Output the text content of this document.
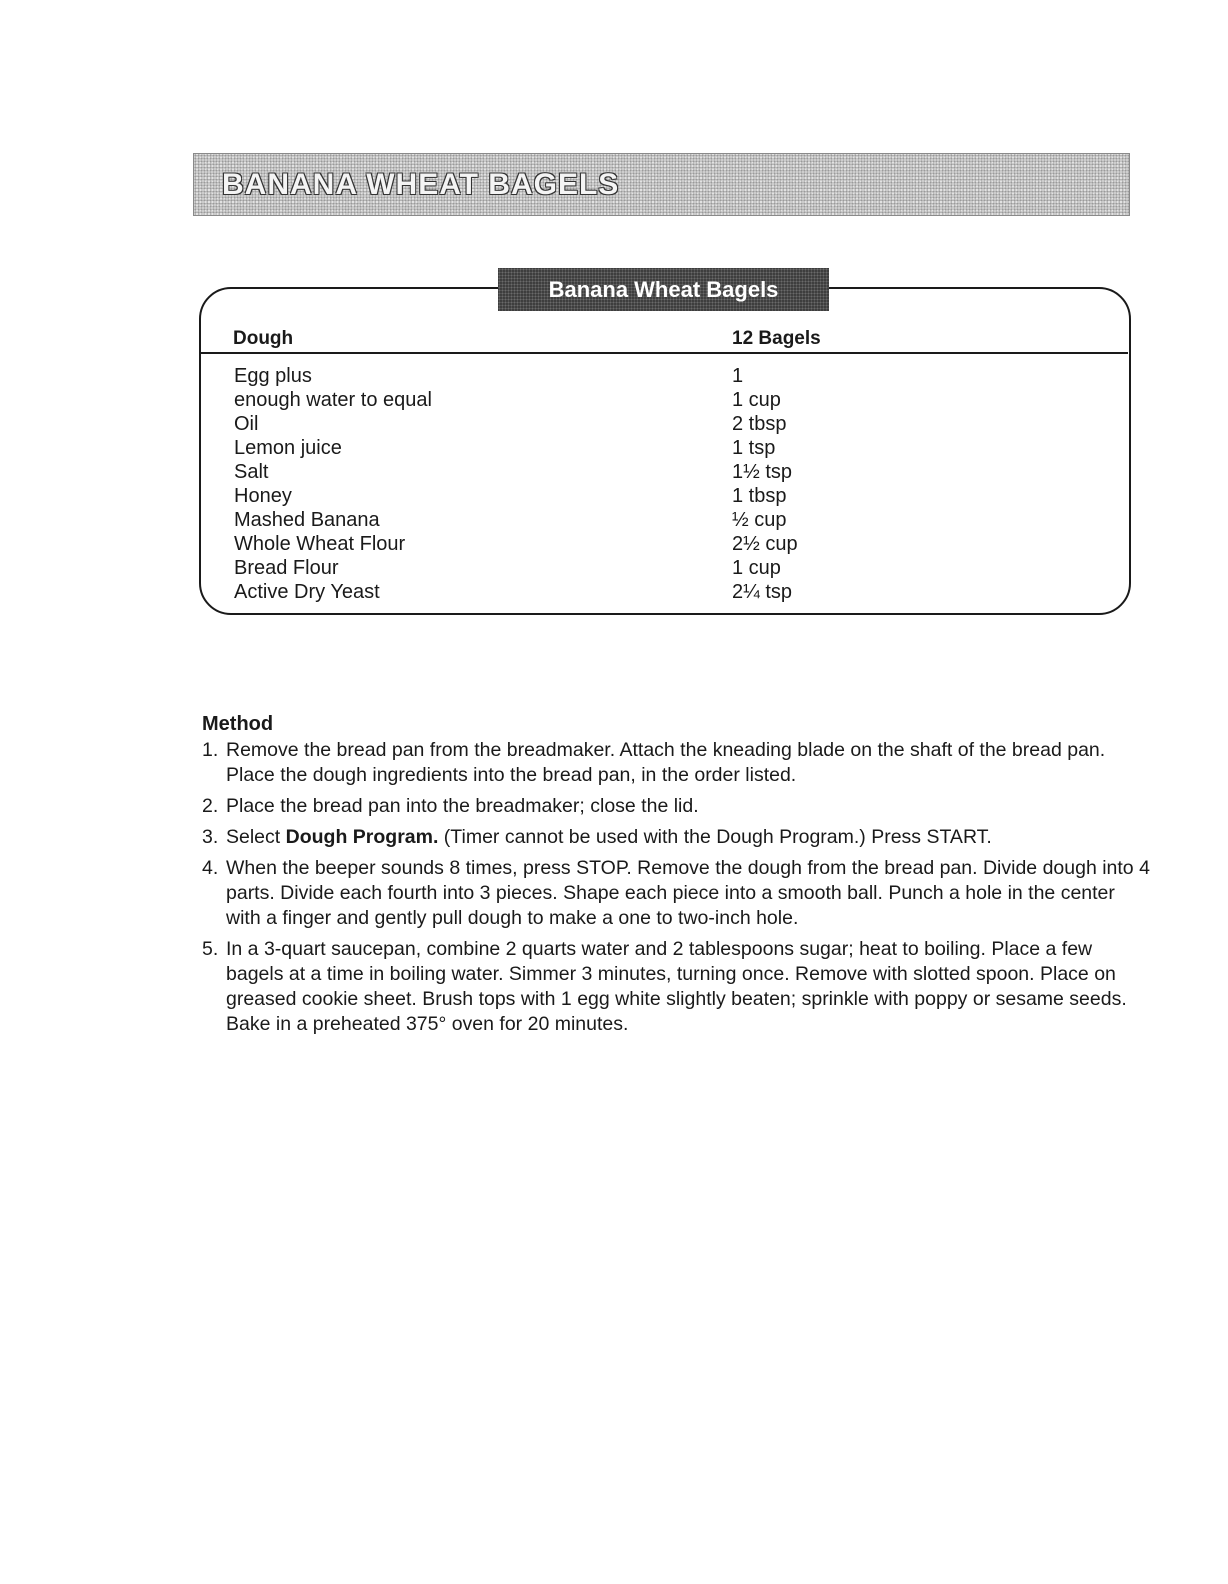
BANANA WHEAT BAGELS
Banana Wheat Bagels
Dough	12 Bagels
Egg plus	1
enough water to equal	1 cup
Oil	2 tbsp
Lemon juice	1 tsp
Salt	1½ tsp
Honey	1 tbsp
Mashed Banana	½ cup
Whole Wheat Flour	2½ cup
Bread Flour	1 cup
Active Dry Yeast	2¼ tsp
Method
1. Remove the bread pan from the breadmaker. Attach the kneading blade on the shaft of the bread pan. Place the dough ingredients into the bread pan, in the order listed.
2. Place the bread pan into the breadmaker; close the lid.
3. Select Dough Program. (Timer cannot be used with the Dough Program.) Press START.
4. When the beeper sounds 8 times, press STOP. Remove the dough from the bread pan. Divide dough into 4 parts. Divide each fourth into 3 pieces. Shape each piece into a smooth ball. Punch a hole in the center with a finger and gently pull dough to make a one to two-inch hole.
5. In a 3-quart saucepan, combine 2 quarts water and 2 tablespoons sugar; heat to boiling. Place a few bagels at a time in boiling water. Simmer 3 minutes, turning once. Remove with slotted spoon. Place on greased cookie sheet. Brush tops with 1 egg white slightly beaten; sprinkle with poppy or sesame seeds. Bake in a preheated 375° oven for 20 minutes.
